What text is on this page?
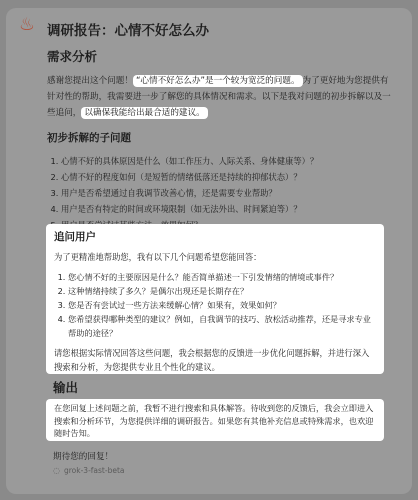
♨ 调研报告：心情不好怎么办
需求分析

感谢您提出这个问题！ “心情不好怎么办”是一个较为宽泛的问题。 为了更好地为您提供有针对性的帮助，我需要进一步了解您的具体情况和需求。以下是我对问题的初步拆解以及一些追问， 以确保我能给出最合适的建议。

初步拆解的子问题
1. 心情不好的具体原因是什么（如工作压力、人际关系、身体健康等）？
2. 心情不好的程度如何（是短暂的情绪低落还是持续的抑郁状态）？
3. 用户是否希望通过自我调节改善心情，还是需要专业帮助？
4. 用户是否有特定的时间或环境限制（如无法外出、时间紧迫等）？
5.
追问用户

为了更精准地帮助您，我有以下几个问题希望您能回答：

1. 您心情不好的主要原因是什么？能否简单描述一下引发情绪的情境或事件？
2. 这种情绪持续了多久？是偶尔出现还是长期存在？
3. 您是否有尝试过一些方法来缓解心情？如果有，效果如何？
4. 您希望获得哪种类型的建议？例如，自我调节的技巧、放松活动推荐，还是寻求专业帮助的途径？

请您根据实际情况回答这些问题，我会根据您的反馈进一步优化问题拆解，并进行深入搜索和分析，为您提供专业且个性化的建议。

输出

在您回复上述问题之前，我暂不进行搜索和具体解答。待收到您的反馈后，我会立即进入搜索和分析环节，为您提供详细的调研报告。如果您有其他补充信息或特殊需求，也欢迎随时告知。

期待您的回复！
◌ grok-3-fast-beta
